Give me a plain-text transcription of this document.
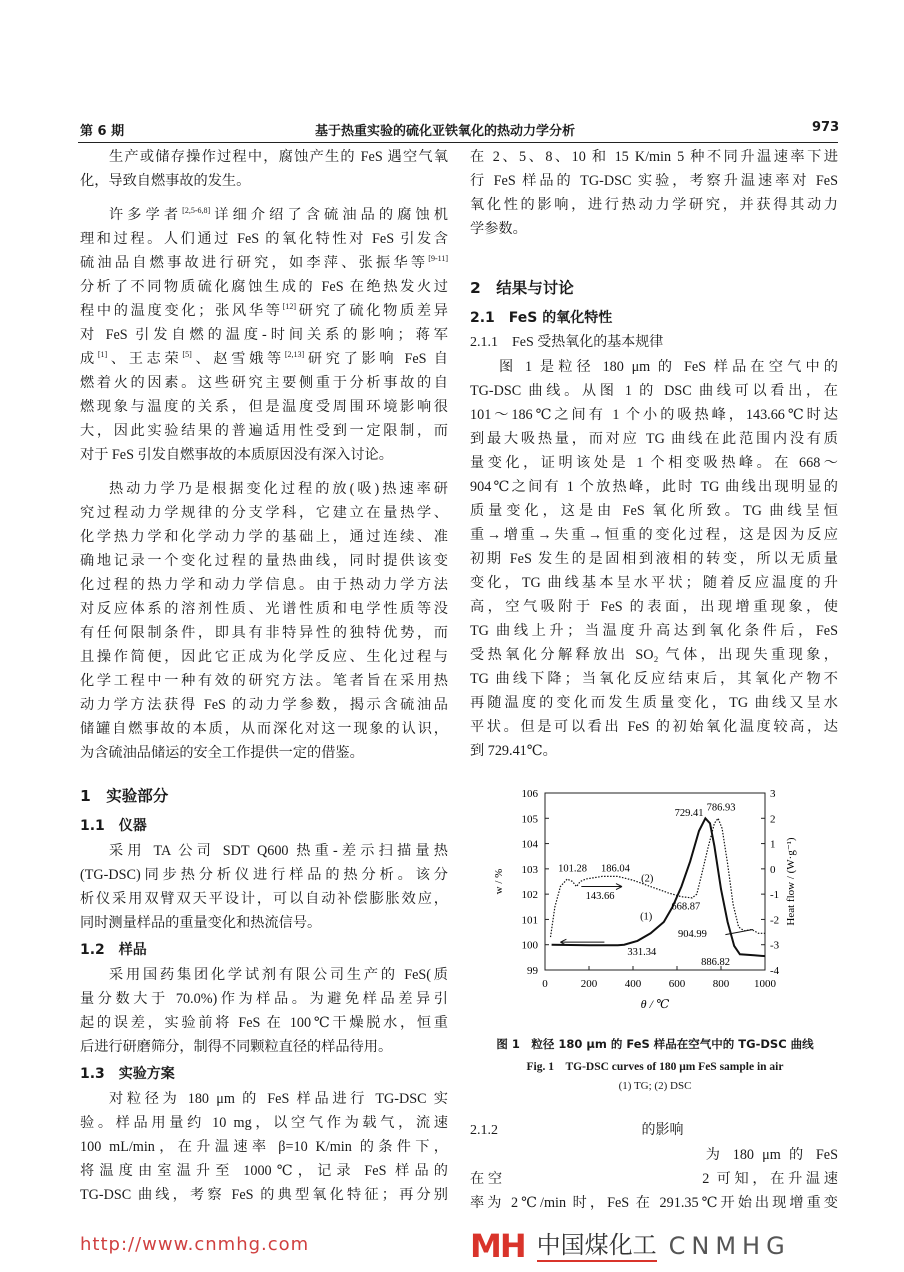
第 6 期	基于热重实验的硫化亚铁氧化的热动力学分析	973
生产或储存操作过程中，腐蚀产生的 FeS 遇空气氧
化，导致自燃事故的发生。
许多学者[2,5-6,8]详细介绍了含硫油品的腐蚀机
理和过程。人们通过 FeS 的氧化特性对 FeS 引发含
硫油品自燃事故进行研究，如李萍、张振华等[9-11]
分析了不同物质硫化腐蚀生成的 FeS 在绝热发火过
程中的温度变化；张风华等[12]研究了硫化物质差异
对 FeS 引发自燃的温度-时间关系的影响；蒋军
成[1]、王志荣[5]、赵雪娥等[2,13]研究了影响 FeS 自
燃着火的因素。这些研究主要侧重于分析事故的自
燃现象与温度的关系，但是温度受周围环境影响很
大，因此实验结果的普遍适用性受到一定限制，而
对于 FeS 引发自燃事故的本质原因没有深入讨论。
热动力学乃是根据变化过程的放(吸)热速率研
究过程动力学规律的分支学科，它建立在量热学、
化学热力学和化学动力学的基础上，通过连续、准
确地记录一个变化过程的量热曲线，同时提供该变
化过程的热力学和动力学信息。由于热动力学方法
对反应体系的溶剂性质、光谱性质和电学性质等没
有任何限制条件，即具有非特异性的独特优势，而
且操作简便，因此它正成为化学反应、生化过程与
化学工程中一种有效的研究方法。笔者旨在采用热
动力学方法获得 FeS 的动力学参数，揭示含硫油品
储罐自燃事故的本质，从而深化对这一现象的认识，
为含硫油品储运的安全工作提供一定的借鉴。
1　实验部分
1.1　仪器
采用 TA 公司 SDT Q600 热重-差示扫描量热
(TG-DSC)同步热分析仪进行样品的热分析。该分
析仪采用双臂双天平设计，可以自动补偿膨胀效应，
同时测量样品的重量变化和热流信号。
1.2　样品
采用国药集团化学试剂有限公司生产的 FeS(质
量分数大于 70.0%)作为样品。为避免样品差异引
起的误差，实验前将 FeS 在 100℃干燥脱水，恒重
后进行研磨筛分，制得不同颗粒直径的样品待用。
1.3　实验方案
对粒径为 180 μm 的 FeS 样品进行 TG-DSC 实
验。样品用量约 10 mg，以空气作为载气，流速
100 mL/min，在升温速率 β=10 K/min 的条件下，
将温度由室温升至 1000℃，记录 FeS 样品的
TG-DSC 曲线，考察 FeS 的典型氧化特征；再分别
在 2、5、8、10 和 15 K/min 5 种不同升温速率下进
行 FeS 样品的 TG-DSC 实验，考察升温速率对 FeS
氧化性的影响，进行热动力学研究，并获得其动力
学参数。
2　结果与讨论
2.1　FeS 的氧化特性
2.1.1　FeS 受热氧化的基本规律
图 1 是粒径 180 μm 的 FeS 样品在空气中的
TG-DSC 曲线。从图 1 的 DSC 曲线可以看出，在
101～186℃之间有 1 个小的吸热峰，143.66℃时达
到最大吸热量，而对应 TG 曲线在此范围内没有质
量变化，证明该处是 1 个相变吸热峰。在 668～
904℃之间有 1 个放热峰，此时 TG 曲线出现明显的
质量变化，这是由 FeS 氧化所致。TG 曲线呈恒
重→增重→失重→恒重的变化过程，这是因为反应
初期 FeS 发生的是固相到液相的转变，所以无质量
变化，TG 曲线基本呈水平状；随着反应温度的升
高，空气吸附于 FeS 的表面，出现增重现象，使
TG 曲线上升；当温度升高达到氧化条件后，FeS
受热氧化分解释放出 SO₂ 气体，出现失重现象，
TG 曲线下降；当氧化反应结束后，其氧化产物不
再随温度的变化而发生质量变化，TG 曲线又呈水
平状。但是可以看出 FeS 的初始氧化温度较高，达
到 729.41℃。
2.1.2 　　　　　　　　　　的影响
　　　　　　　　　　　为 180 μm 的 FeS
在空　　　　　　　　　　　2 可知，在升温速
率为 2℃/min 时，FeS 在 291.35℃开始出现增重变
0	200	400	600	800 1000
99
100
101
102
103
104
105
106
-4
-3
-2
-1
0
1
2
3
θ / ℃
w / %	Heat flow / (W·g⁻¹)
729.41 786.93
101.28 186.04
(2)
143.66
668.87
(1)
904.99
331.34
886.82
图 1　粒径 180 μm 的 FeS 样品在空气中的 TG-DSC 曲线
Fig. 1　TG-DSC curves of 180 μm FeS sample in air
(1) TG; (2) DSC
http://www.cnmhg.com	MH 中国煤化工 CNMHG
